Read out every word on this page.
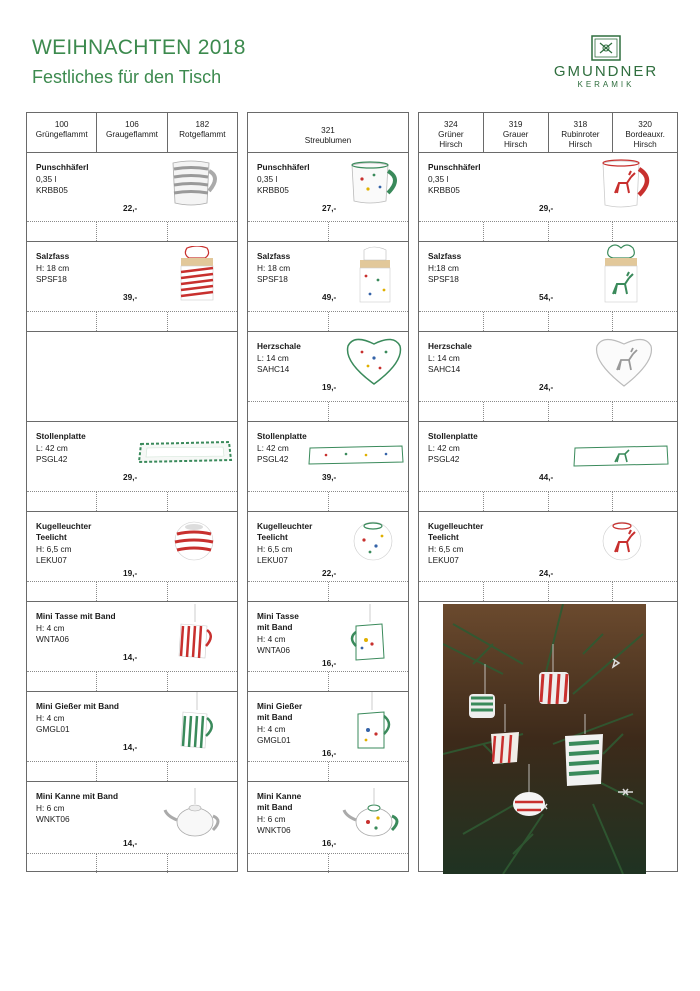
WEIHNACHTEN 2018
Festliches für den Tisch	GMUNDNER
KERAMIK
100
Grüngeflammt
106
Graugeflammt
182
Rotgeflammt
Punschhäferl
0,35 l
KRBB05
22,-
Salzfass
H: 18 cm
SPSF18
39,-
Stollenplatte
L: 42 cm
PSGL42
29,-
Kugelleuchter
Teelicht
H: 6,5 cm
LEKU07
19,-
Mini Tasse mit Band
H: 4 cm
WNTA06
14,-
Mini Gießer mit Band
H: 4 cm
GMGL01
14,-
Mini Kanne mit Band
H: 6 cm
WNKT06
14,-
321
Streublumen
Punschhäferl
0,35 l
KRBB05
27,-
Salzfass
H: 18 cm
SPSF18
49,-
Herzschale
L: 14 cm
SAHC14
19,-
Stollenplatte
L: 42 cm
PSGL42
39,-
Kugelleuchter
Teelicht
H: 6,5 cm
LEKU07
22,-
Mini Tasse
mit Band
H: 4 cm
WNTA06
16,-
Mini Gießer
mit Band
H: 4 cm
GMGL01
16,-
Mini Kanne
mit Band
H: 6 cm
WNKT06
16,-
324
Grüner
Hirsch
319
Grauer
Hirsch
318
Rubinroter
Hirsch
320
Bordeauxr.
Hirsch
Punschhäferl
0,35 l
KRBB05
29,-
Salzfass
H:18 cm
SPSF18
54,-
Herzschale
L: 14 cm
SAHC14
24,-
Stollenplatte
L: 42 cm
PSGL42
44,-
Kugelleuchter
Teelicht
H: 6,5 cm
LEKU07
24,-
